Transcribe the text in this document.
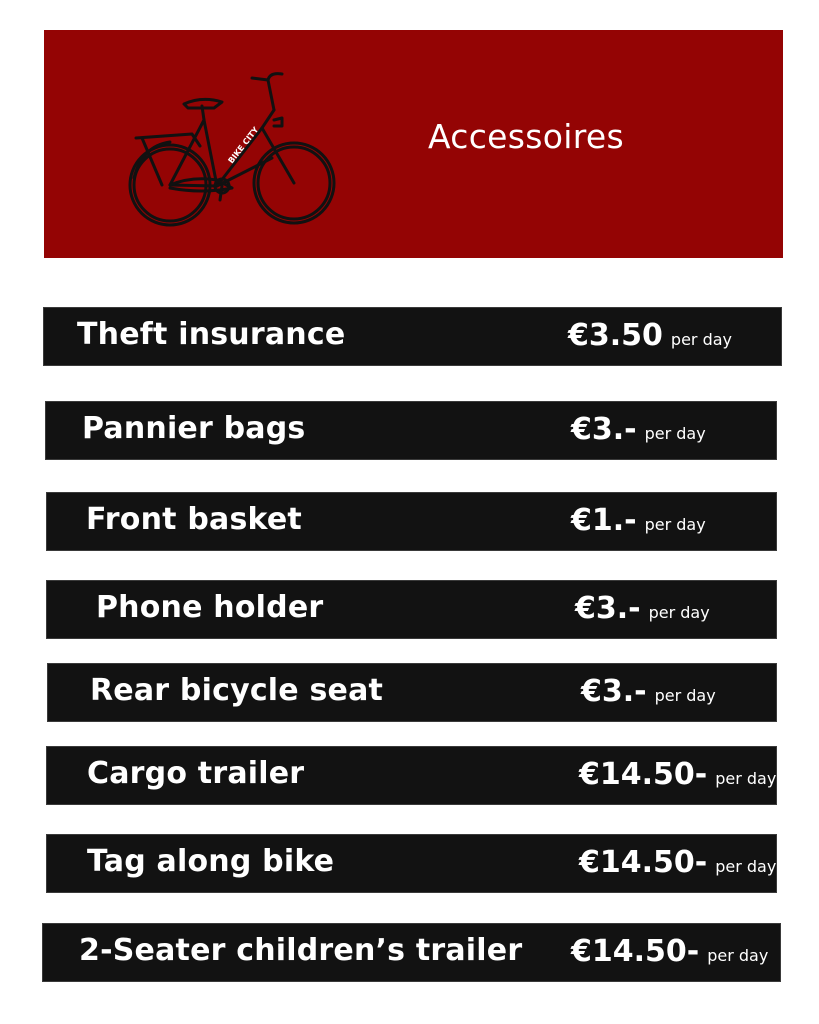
BIKE CITY	Accessoires
Theft insurance	€3.50 per day
Pannier bags	€3.- per day
Front basket	€1.- per day
Phone holder	€3.- per day
Rear bicycle seat	€3.- per day
Cargo trailer	€14.50- per day
Tag along bike	€14.50- per day
2-Seater children’s trailer €14.50- per day
